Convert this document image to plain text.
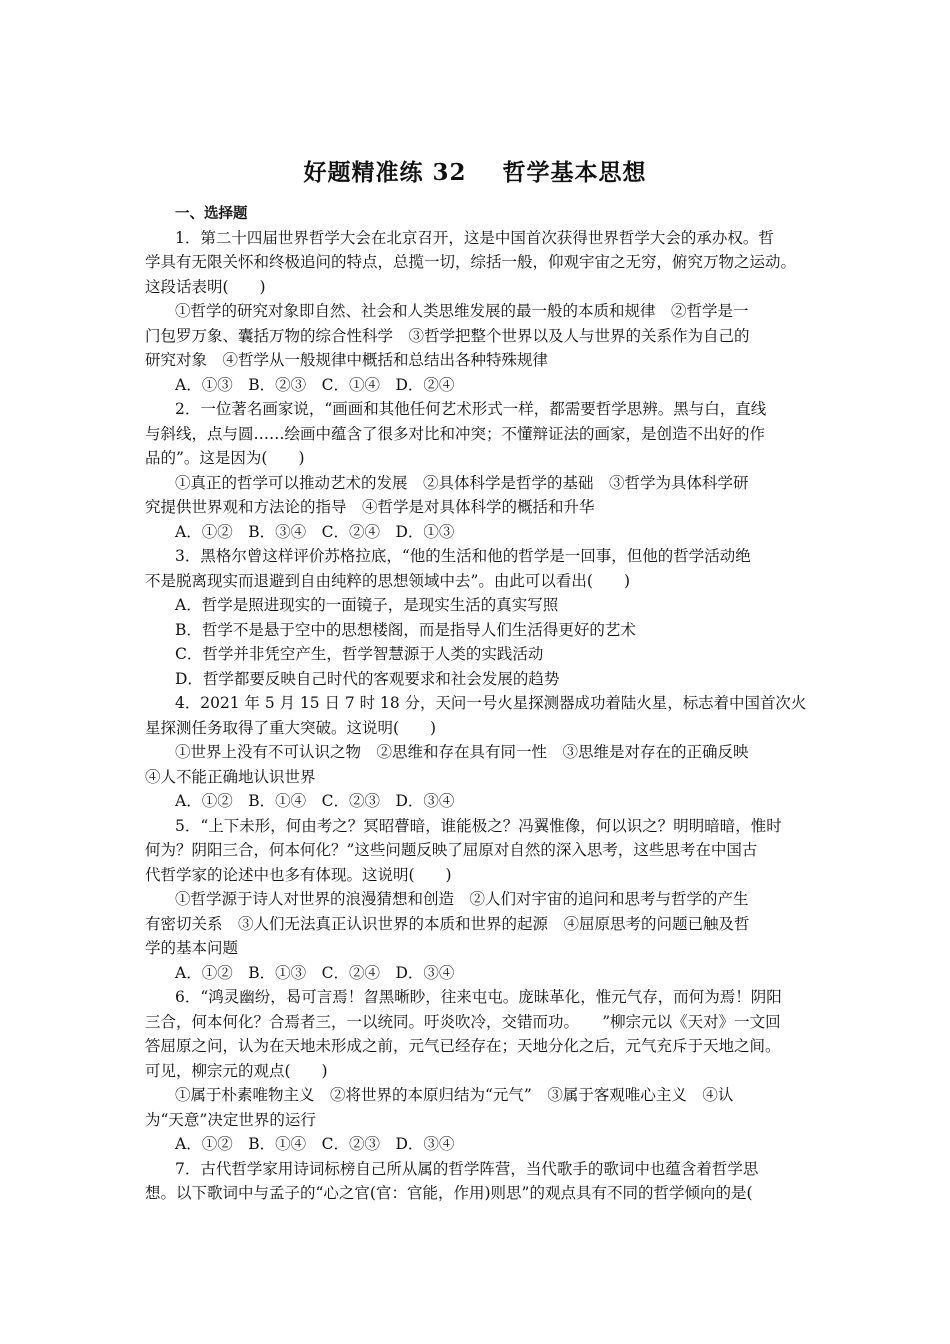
好题精准练 32    哲学基本思想
一、选择题
1．第二十四届世界哲学大会在北京召开，这是中国首次获得世界哲学大会的承办权。哲
学具有无限关怀和终极追问的特点，总揽一切，综括一般，仰观宇宙之无穷，俯究万物之运动。
这段话表明(　　)
①哲学的研究对象即自然、社会和人类思维发展的最一般的本质和规律　②哲学是一
门包罗万象、囊括万物的综合性科学　③哲学把整个世界以及人与世界的关系作为自己的
研究对象　④哲学从一般规律中概括和总结出各种特殊规律
A．①③　B．②③　C．①④　D．②④
2．一位著名画家说，“画画和其他任何艺术形式一样，都需要哲学思辨。黑与白，直线
与斜线，点与圆……绘画中蕴含了很多对比和冲突；不懂辩证法的画家，是创造不出好的作
品的”。这是因为(　　)
①真正的哲学可以推动艺术的发展　②具体科学是哲学的基础　③哲学为具体科学研
究提供世界观和方法论的指导　④哲学是对具体科学的概括和升华
A．①②　B．③④　C．②④　D．①③
3．黑格尔曾这样评价苏格拉底，“他的生活和他的哲学是一回事，但他的哲学活动绝
不是脱离现实而退避到自由纯粹的思想领域中去”。由此可以看出(　　)
A．哲学是照进现实的一面镜子，是现实生活的真实写照
B．哲学不是悬于空中的思想楼阁，而是指导人们生活得更好的艺术
C．哲学并非凭空产生，哲学智慧源于人类的实践活动
D．哲学都要反映自己时代的客观要求和社会发展的趋势
4．2021 年 5 月 15 日 7 时 18 分，天问一号火星探测器成功着陆火星，标志着中国首次火
星探测任务取得了重大突破。这说明(　　)
①世界上没有不可认识之物　②思维和存在具有同一性　③思维是对存在的正确反映
④人不能正确地认识世界
A．①②　B．①④　C．②③　D．③④
5．“上下未形，何由考之？冥昭瞢暗，谁能极之？冯翼惟像，何以识之？明明暗暗，惟时
何为？阴阳三合，何本何化？”这些问题反映了屈原对自然的深入思考，这些思考在中国古
代哲学家的论述中也多有体现。这说明(　　)
①哲学源于诗人对世界的浪漫猜想和创造　②人们对宇宙的追问和思考与哲学的产生
有密切关系　③人们无法真正认识世界的本质和世界的起源　④屈原思考的问题已触及哲
学的基本问题
A．①②　B．①③　C．②④　D．③④
6．“鸿灵幽纷，曷可言焉！曶黑晰眇，往来屯屯。庞昧革化，惟元气存，而何为焉！阴阳
三合，何本何化？合焉者三，一以统同。吁炎吹冷，交错而功。　　”柳宗元以《天对》一文回
答屈原之问，认为在天地未形成之前，元气已经存在；天地分化之后，元气充斥于天地之间。
可见，柳宗元的观点(　　)
①属于朴素唯物主义　②将世界的本原归结为“元气”　③属于客观唯心主义　④认
为“天意”决定世界的运行
A．①②　B．①④　C．②③　D．③④
7．古代哲学家用诗词标榜自己所从属的哲学阵营，当代歌手的歌词中也蕴含着哲学思
想。以下歌词中与孟子的“心之官(官：官能，作用)则思”的观点具有不同的哲学倾向的是(
